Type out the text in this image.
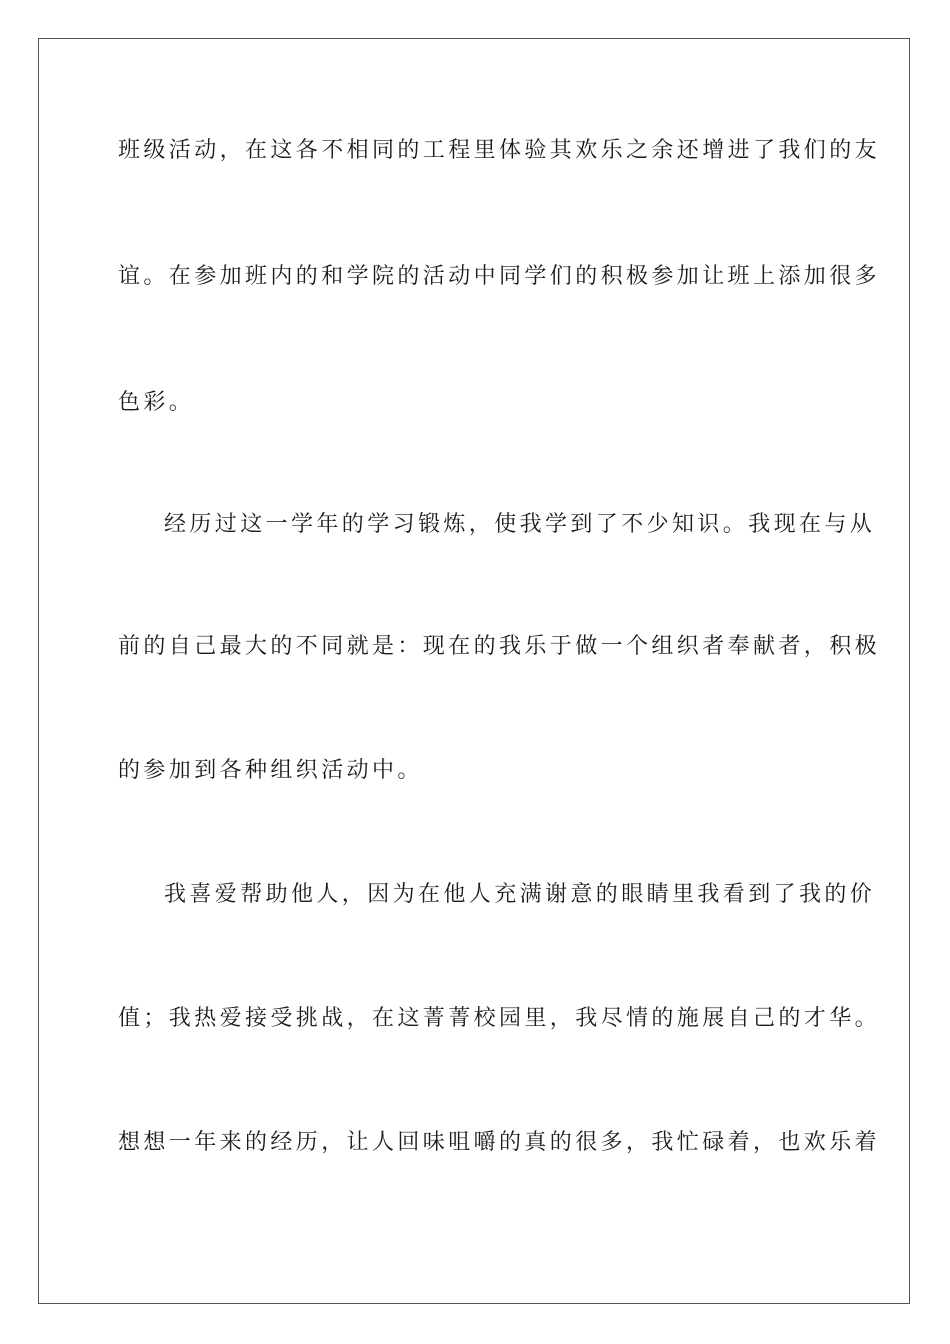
班级活动，在这各不相同的工程里体验其欢乐之余还增进了我们的友
谊。在参加班内的和学院的活动中同学们的积极参加让班上添加很多
色彩。
经历过这一学年的学习锻炼，使我学到了不少知识。我现在与从
前的自己最大的不同就是：现在的我乐于做一个组织者奉献者，积极
的参加到各种组织活动中。
我喜爱帮助他人，因为在他人充满谢意的眼睛里我看到了我的价
值；我热爱接受挑战，在这菁菁校园里，我尽情的施展自己的才华。
想想一年来的经历，让人回味咀嚼的真的很多，我忙碌着，也欢乐着
